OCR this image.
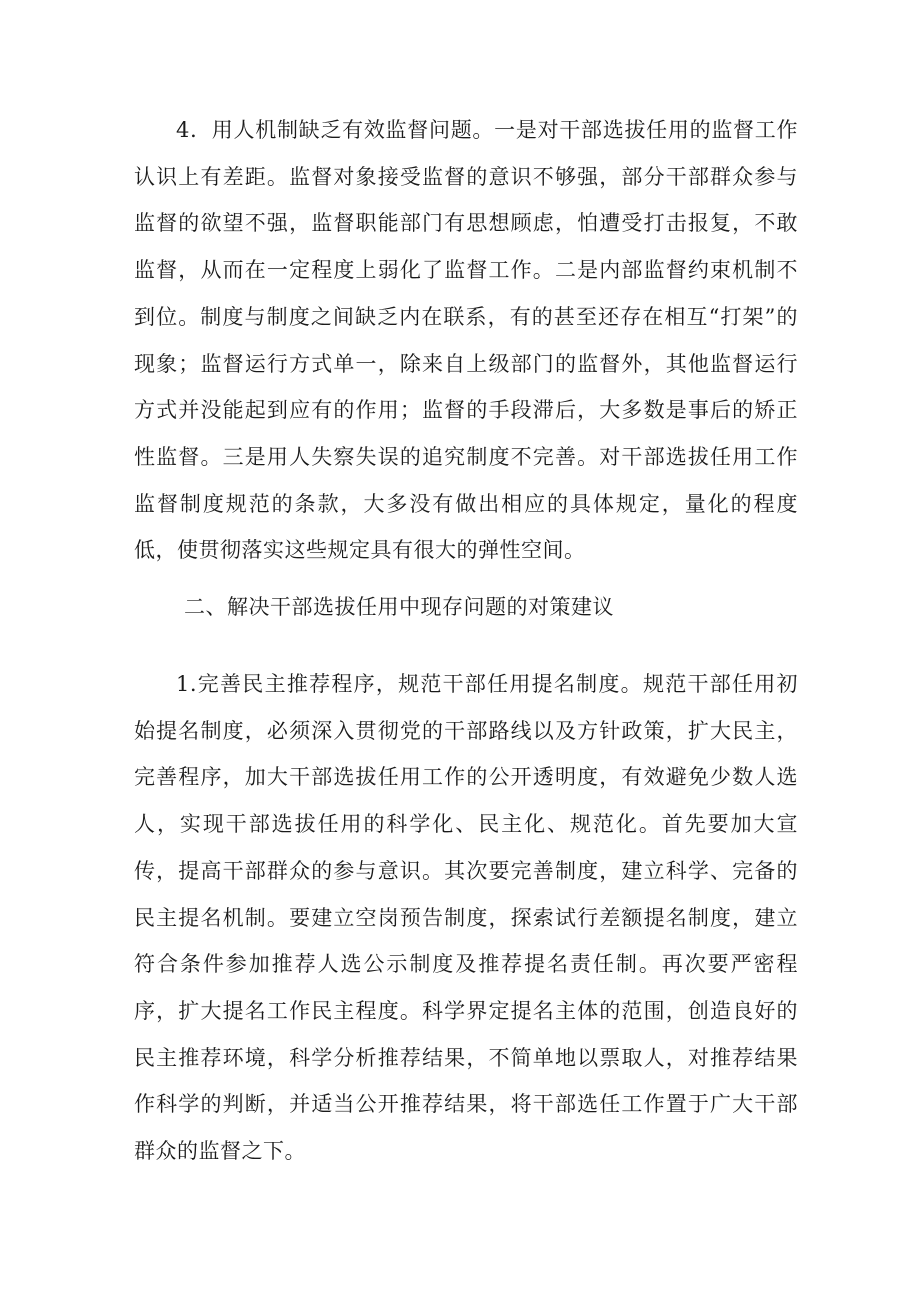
4．用人机制缺乏有效监督问题。一是对干部选拔任用的监督工作认识上有差距。监督对象接受监督的意识不够强，部分干部群众参与监督的欲望不强，监督职能部门有思想顾虑，怕遭受打击报复，不敢监督，从而在一定程度上弱化了监督工作。二是内部监督约束机制不到位。制度与制度之间缺乏内在联系，有的甚至还存在相互“打架”的现象；监督运行方式单一，除来自上级部门的监督外，其他监督运行方式并没能起到应有的作用；监督的手段滞后，大多数是事后的矫正性监督。三是用人失察失误的追究制度不完善。对干部选拔任用工作监督制度规范的条款，大多没有做出相应的具体规定，量化的程度低，使贯彻落实这些规定具有很大的弹性空间。

二、解决干部选拔任用中现存问题的对策建议

1.完善民主推荐程序，规范干部任用提名制度。规范干部任用初始提名制度，必须深入贯彻党的干部路线以及方针政策，扩大民主，完善程序，加大干部选拔任用工作的公开透明度，有效避免少数人选人，实现干部选拔任用的科学化、民主化、规范化。首先要加大宣传，提高干部群众的参与意识。其次要完善制度，建立科学、完备的民主提名机制。要建立空岗预告制度，探索试行差额提名制度，建立符合条件参加推荐人选公示制度及推荐提名责任制。再次要严密程序，扩大提名工作民主程度。科学界定提名主体的范围，创造良好的民主推荐环境，科学分析推荐结果，不简单地以票取人，对推荐结果作科学的判断，并适当公开推荐结果，将干部选任工作置于广大干部群众的监督之下。
